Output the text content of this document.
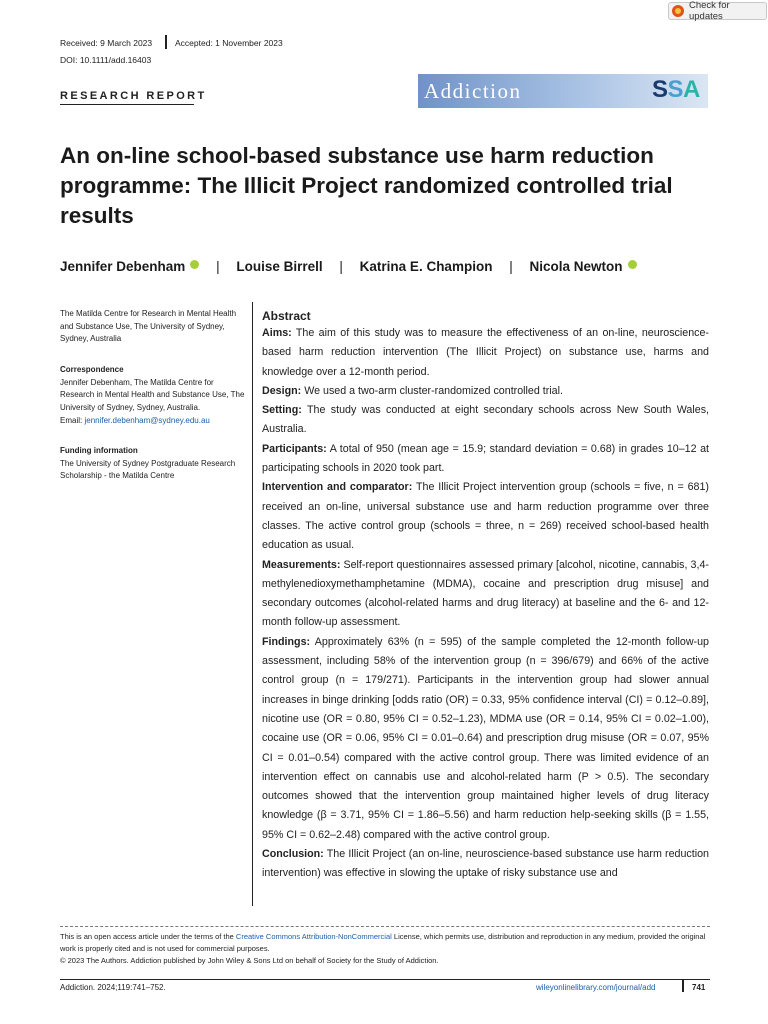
Check for updates
Received: 9 March 2023	Accepted: 1 November 2023
DOI: 10.1111/add.16403
RESEARCH REPORT	Addiction	SSA
An on-line school-based substance use harm reduction programme: The Illicit Project randomized controlled trial results
Jennifer Debenham | Louise Birrell | Katrina E. Champion | Nicola Newton
The Matilda Centre for Research in Mental Health and Substance Use, The University of Sydney, Sydney, Australia
Correspondence

Jennifer Debenham, The Matilda Centre for Research in Mental Health and Substance Use, The University of Sydney, Sydney, Australia.
Email: jennifer.debenham@sydney.edu.au

Funding information

The University of Sydney Postgraduate Research Scholarship - the Matilda Centre

Abstract

Aims: The aim of this study was to measure the effectiveness of an on-line, neuroscience-based harm reduction intervention (The Illicit Project) on substance use, harms and knowledge over a 12-month period.

Design: We used a two-arm cluster-randomized controlled trial.

Setting: The study was conducted at eight secondary schools across New South Wales, Australia.

Participants: A total of 950 (mean age = 15.9; standard deviation = 0.68) in grades 10–12 at participating schools in 2020 took part.

Intervention and comparator: The Illicit Project intervention group (schools = five, n = 681) received an on-line, universal substance use and harm reduction programme over three classes. The active control group (schools = three, n = 269) received school-based health education as usual.

Measurements: Self-report questionnaires assessed primary [alcohol, nicotine, cannabis, 3,4-methylenedioxymethamphetamine (MDMA), cocaine and prescription drug misuse] and secondary outcomes (alcohol-related harms and drug literacy) at baseline and the 6- and 12-month follow-up assessment.

Findings: Approximately 63% (n = 595) of the sample completed the 12-month follow-up assessment, including 58% of the intervention group (n = 396/679) and 66% of the active control group (n = 179/271). Participants in the intervention group had slower annual increases in binge drinking [odds ratio (OR) = 0.33, 95% confidence interval (CI) = 0.12–0.89], nicotine use (OR = 0.80, 95% CI = 0.52–1.23), MDMA use (OR = 0.14, 95% CI = 0.02–1.00), cocaine use (OR = 0.06, 95% CI = 0.01–0.64) and prescription drug misuse (OR = 0.07, 95% CI = 0.01–0.54) compared with the active control group. There was limited evidence of an intervention effect on cannabis use and alcohol-related harm (P > 0.5). The secondary outcomes showed that the intervention group maintained higher levels of drug literacy knowledge (β = 3.71, 95% CI = 1.86–5.56) and harm reduction help-seeking skills (β = 1.55, 95% CI = 0.62–2.48) compared with the active control group.

Conclusion: The Illicit Project (an on-line, neuroscience-based substance use harm reduction intervention) was effective in slowing the uptake of risky substance use and

This is an open access article under the terms of the Creative Commons Attribution-NonCommercial License, which permits use, distribution and reproduction in any medium, provided the original work is properly cited and is not used for commercial purposes.
© 2023 The Authors. Addiction published by John Wiley & Sons Ltd on behalf of Society for the Study of Addiction.
Addiction. 2024;119:741–752.	wileyonlinelibrary.com/journal/add	741
